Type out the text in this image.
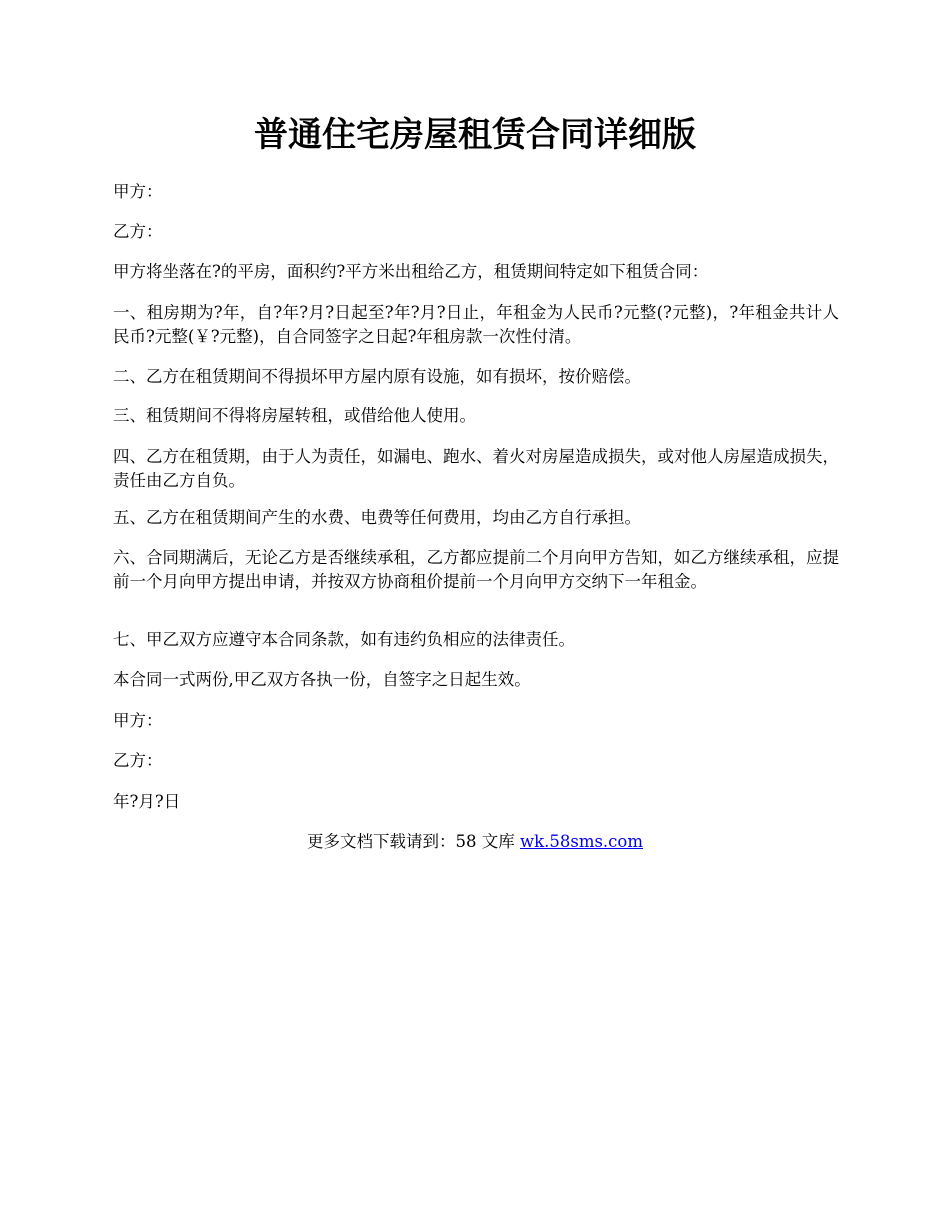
普通住宅房屋租赁合同详细版

甲方：

乙方：

甲方将坐落在?的平房，面积约?平方米出租给乙方，租赁期间特定如下租赁合同：

一、租房期为?年，自?年?月?日起至?年?月?日止，年租金为人民币?元整(?元整)，?年租金共计人民币?元整(￥?元整)，自合同签字之日起?年租房款一次性付清。

二、乙方在租赁期间不得损坏甲方屋内原有设施，如有损坏，按价赔偿。

三、租赁期间不得将房屋转租，或借给他人使用。

四、乙方在租赁期，由于人为责任，如漏电、跑水、着火对房屋造成损失，或对他人房屋造成损失，责任由乙方自负。

五、乙方在租赁期间产生的水费、电费等任何费用，均由乙方自行承担。

六、合同期满后，无论乙方是否继续承租，乙方都应提前二个月向甲方告知，如乙方继续承租，应提前一个月向甲方提出申请，并按双方协商租价提前一个月向甲方交纳下一年租金。

七、甲乙双方应遵守本合同条款，如有违约负相应的法律责任。

本合同一式两份,甲乙双方各执一份，自签字之日起生效。

甲方：

乙方：

年?月?日

更多文档下载请到：58 文库 wk.58sms.com
